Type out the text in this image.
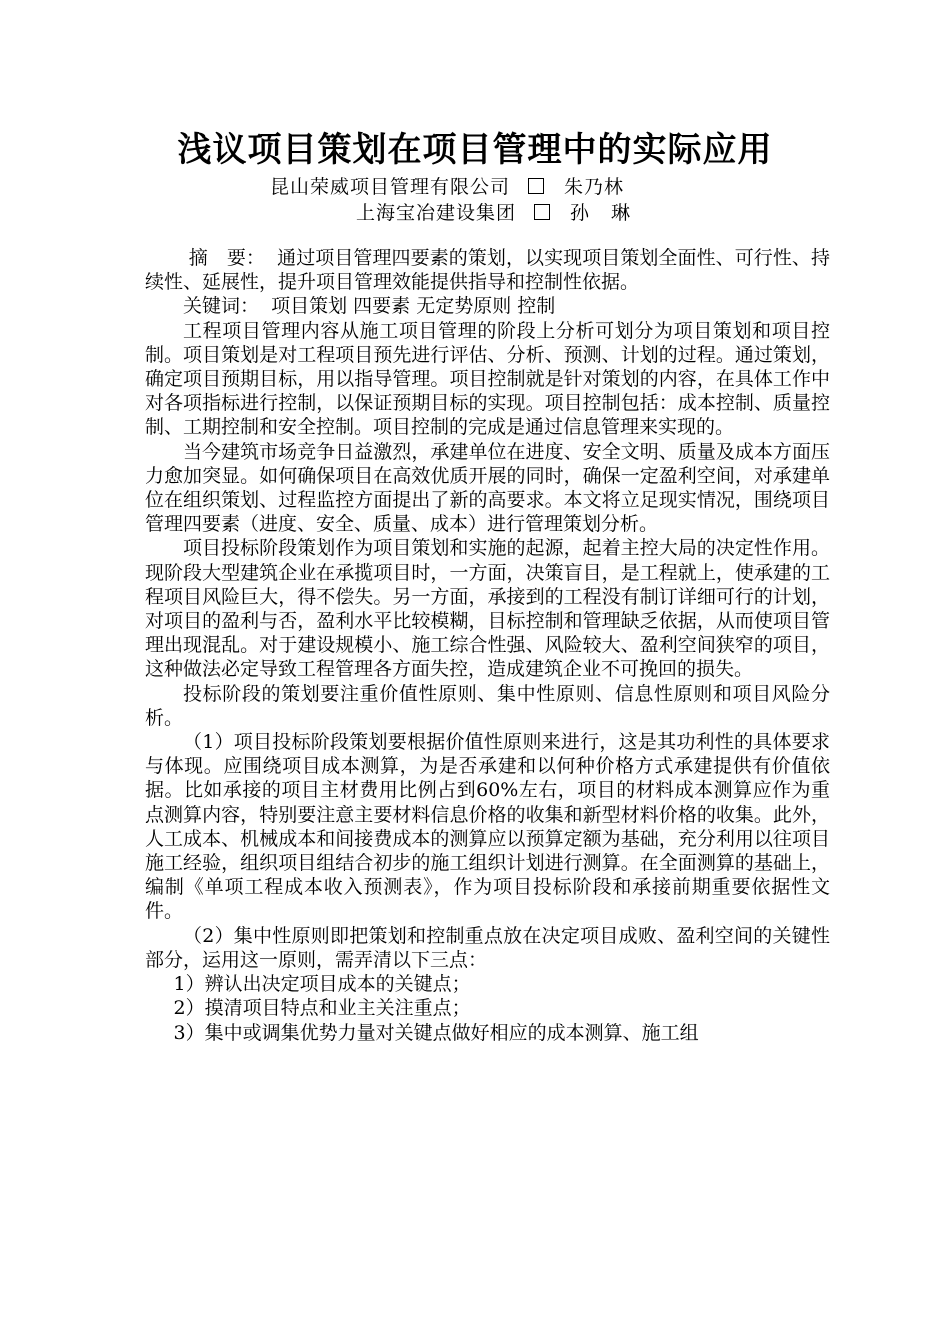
浅议项目策划在项目管理中的实际应用
昆山荣威项目管理有限公司	朱乃林
上海宝冶建设集团	孙琳

摘　要： 通过项目管理四要素的策划，以实现项目策划全面性、可行性、持续性、延展性，提升项目管理效能提供指导和控制性依据。

关键词： 项目策划 四要素 无定势原则 控制

工程项目管理内容从施工项目管理的阶段上分析可划分为项目策划和项目控制。项目策划是对工程项目预先进行评估、分析、预测、计划的过程。通过策划，确定项目预期目标，用以指导管理。项目控制就是针对策划的内容，在具体工作中对各项指标进行控制，以保证预期目标的实现。项目控制包括：成本控制、质量控制、工期控制和安全控制。项目控制的完成是通过信息管理来实现的。

当今建筑市场竞争日益激烈，承建单位在进度、安全文明、质量及成本方面压力愈加突显。如何确保项目在高效优质开展的同时，确保一定盈利空间，对承建单位在组织策划、过程监控方面提出了新的高要求。本文将立足现实情况，围绕项目管理四要素（进度、安全、质量、成本）进行管理策划分析。

项目投标阶段策划作为项目策划和实施的起源，起着主控大局的决定性作用。现阶段大型建筑企业在承揽项目时，一方面，决策盲目，是工程就上，使承建的工程项目风险巨大，得不偿失。另一方面，承接到的工程没有制订详细可行的计划，对项目的盈利与否，盈利水平比较模糊，目标控制和管理缺乏依据，从而使项目管理出现混乱。对于建设规模小、施工综合性强、风险较大、盈利空间狭窄的项目，这种做法必定导致工程管理各方面失控，造成建筑企业不可挽回的损失。

投标阶段的策划要注重价值性原则、集中性原则、信息性原则和项目风险分析。

（1）项目投标阶段策划要根据价值性原则来进行，这是其功利性的具体要求与体现。应围绕项目成本测算，为是否承建和以何种价格方式承建提供有价值依据。比如承接的项目主材费用比例占到60%左右，项目的材料成本测算应作为重点测算内容，特别要注意主要材料信息价格的收集和新型材料价格的收集。此外，人工成本、机械成本和间接费成本的测算应以预算定额为基础，充分利用以往项目施工经验，组织项目组结合初步的施工组织计划进行测算。在全面测算的基础上，编制《单项工程成本收入预测表》，作为项目投标阶段和承接前期重要依据性文件。

（2）集中性原则即把策划和控制重点放在决定项目成败、盈利空间的关键性部分，运用这一原则，需弄清以下三点：

1）辨认出决定项目成本的关键点；

2）摸清项目特点和业主关注重点；

3）集中或调集优势力量对关键点做好相应的成本测算、施工组
